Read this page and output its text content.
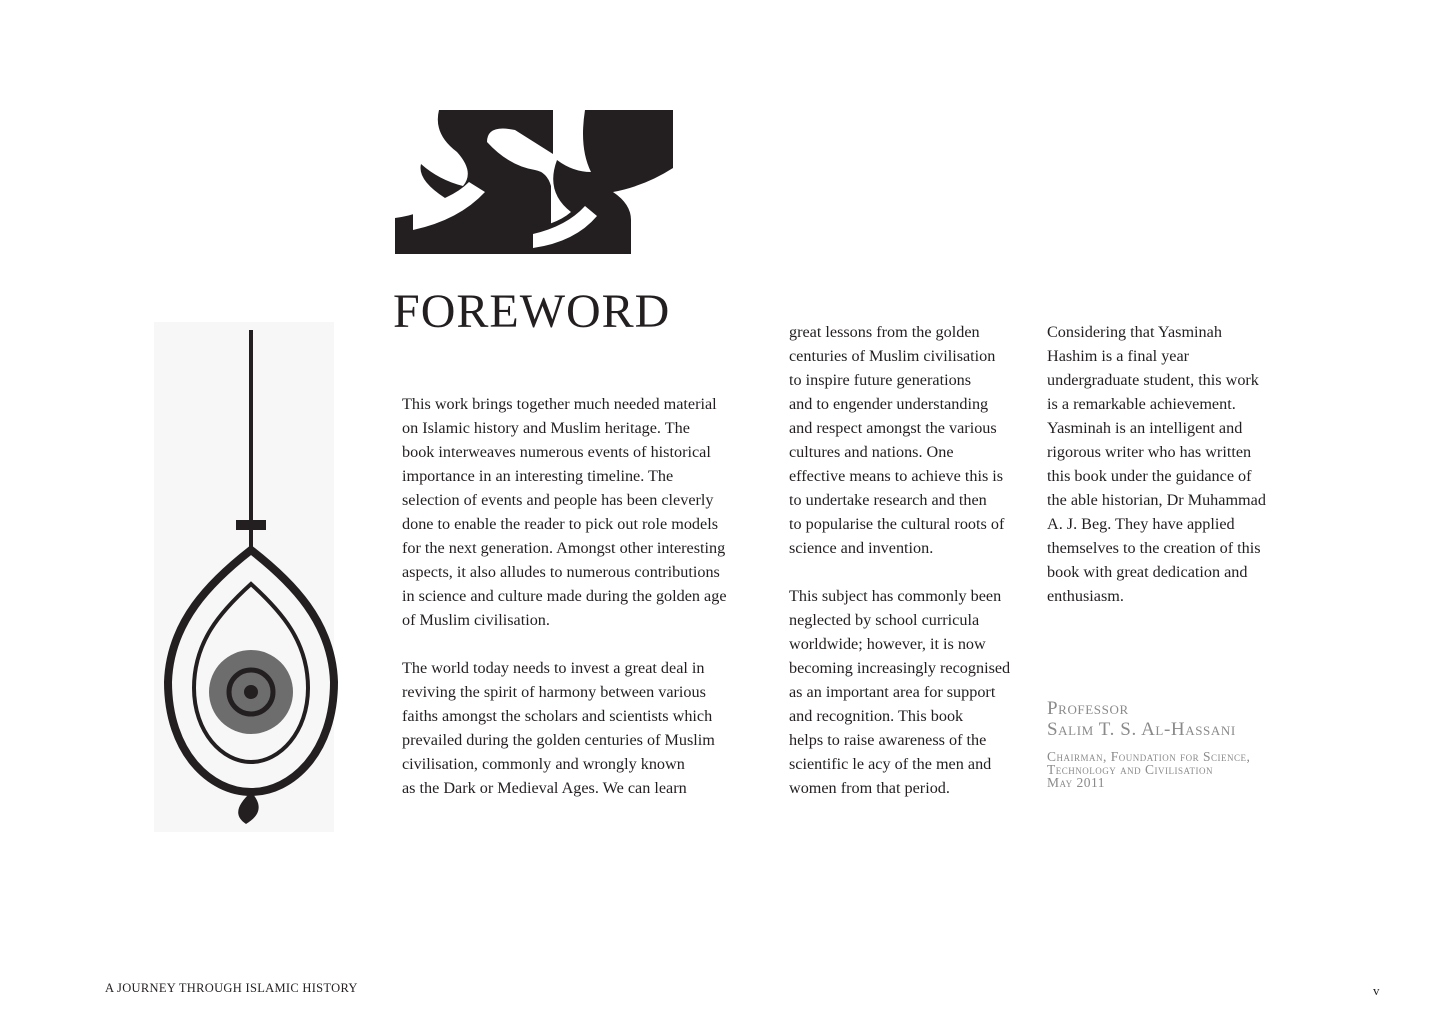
FOREWORD

This work brings together much needed material
on Islamic history and Muslim heritage. The
book interweaves numerous events of historical
importance in an interesting timeline. The
selection of events and people has been cleverly
done to enable the reader to pick out role models
for the next generation. Amongst other interesting
aspects, it also alludes to numerous contributions
in science and culture made during the golden age
of Muslim civilisation.

The world today needs to invest a great deal in
reviving the spirit of harmony between various
faiths amongst the scholars and scientists which
prevailed during the golden centuries of Muslim
civilisation, commonly and wrongly known
as the Dark or Medieval Ages. We can learn

great lessons from the golden
centuries of Muslim civilisation
to inspire future generations
and to engender understanding
and respect amongst the various
cultures and nations. One
effective means to achieve this is
to undertake research and then
to popularise the cultural roots of
science and invention.

This subject has commonly been
neglected by school curricula
worldwide; however, it is now
becoming increasingly recognised
as an important area for support
and recognition. This book
helps to raise awareness of the
scientific le acy of the men and
women from that period.

Considering that Yasminah
Hashim is a final year
undergraduate student, this work
is a remarkable achievement.
Yasminah is an intelligent and
rigorous writer who has written
this book under the guidance of
the able historian, Dr Muhammad
A. J. Beg. They have applied
themselves to the creation of this
book with great dedication and
enthusiasm.

Professor
Salim T. S. Al-Hassani
Chairman, Foundation for Science,
Technology and Civilisation
May 2011
A JOURNEY THROUGH ISLAMIC HISTORY	v
